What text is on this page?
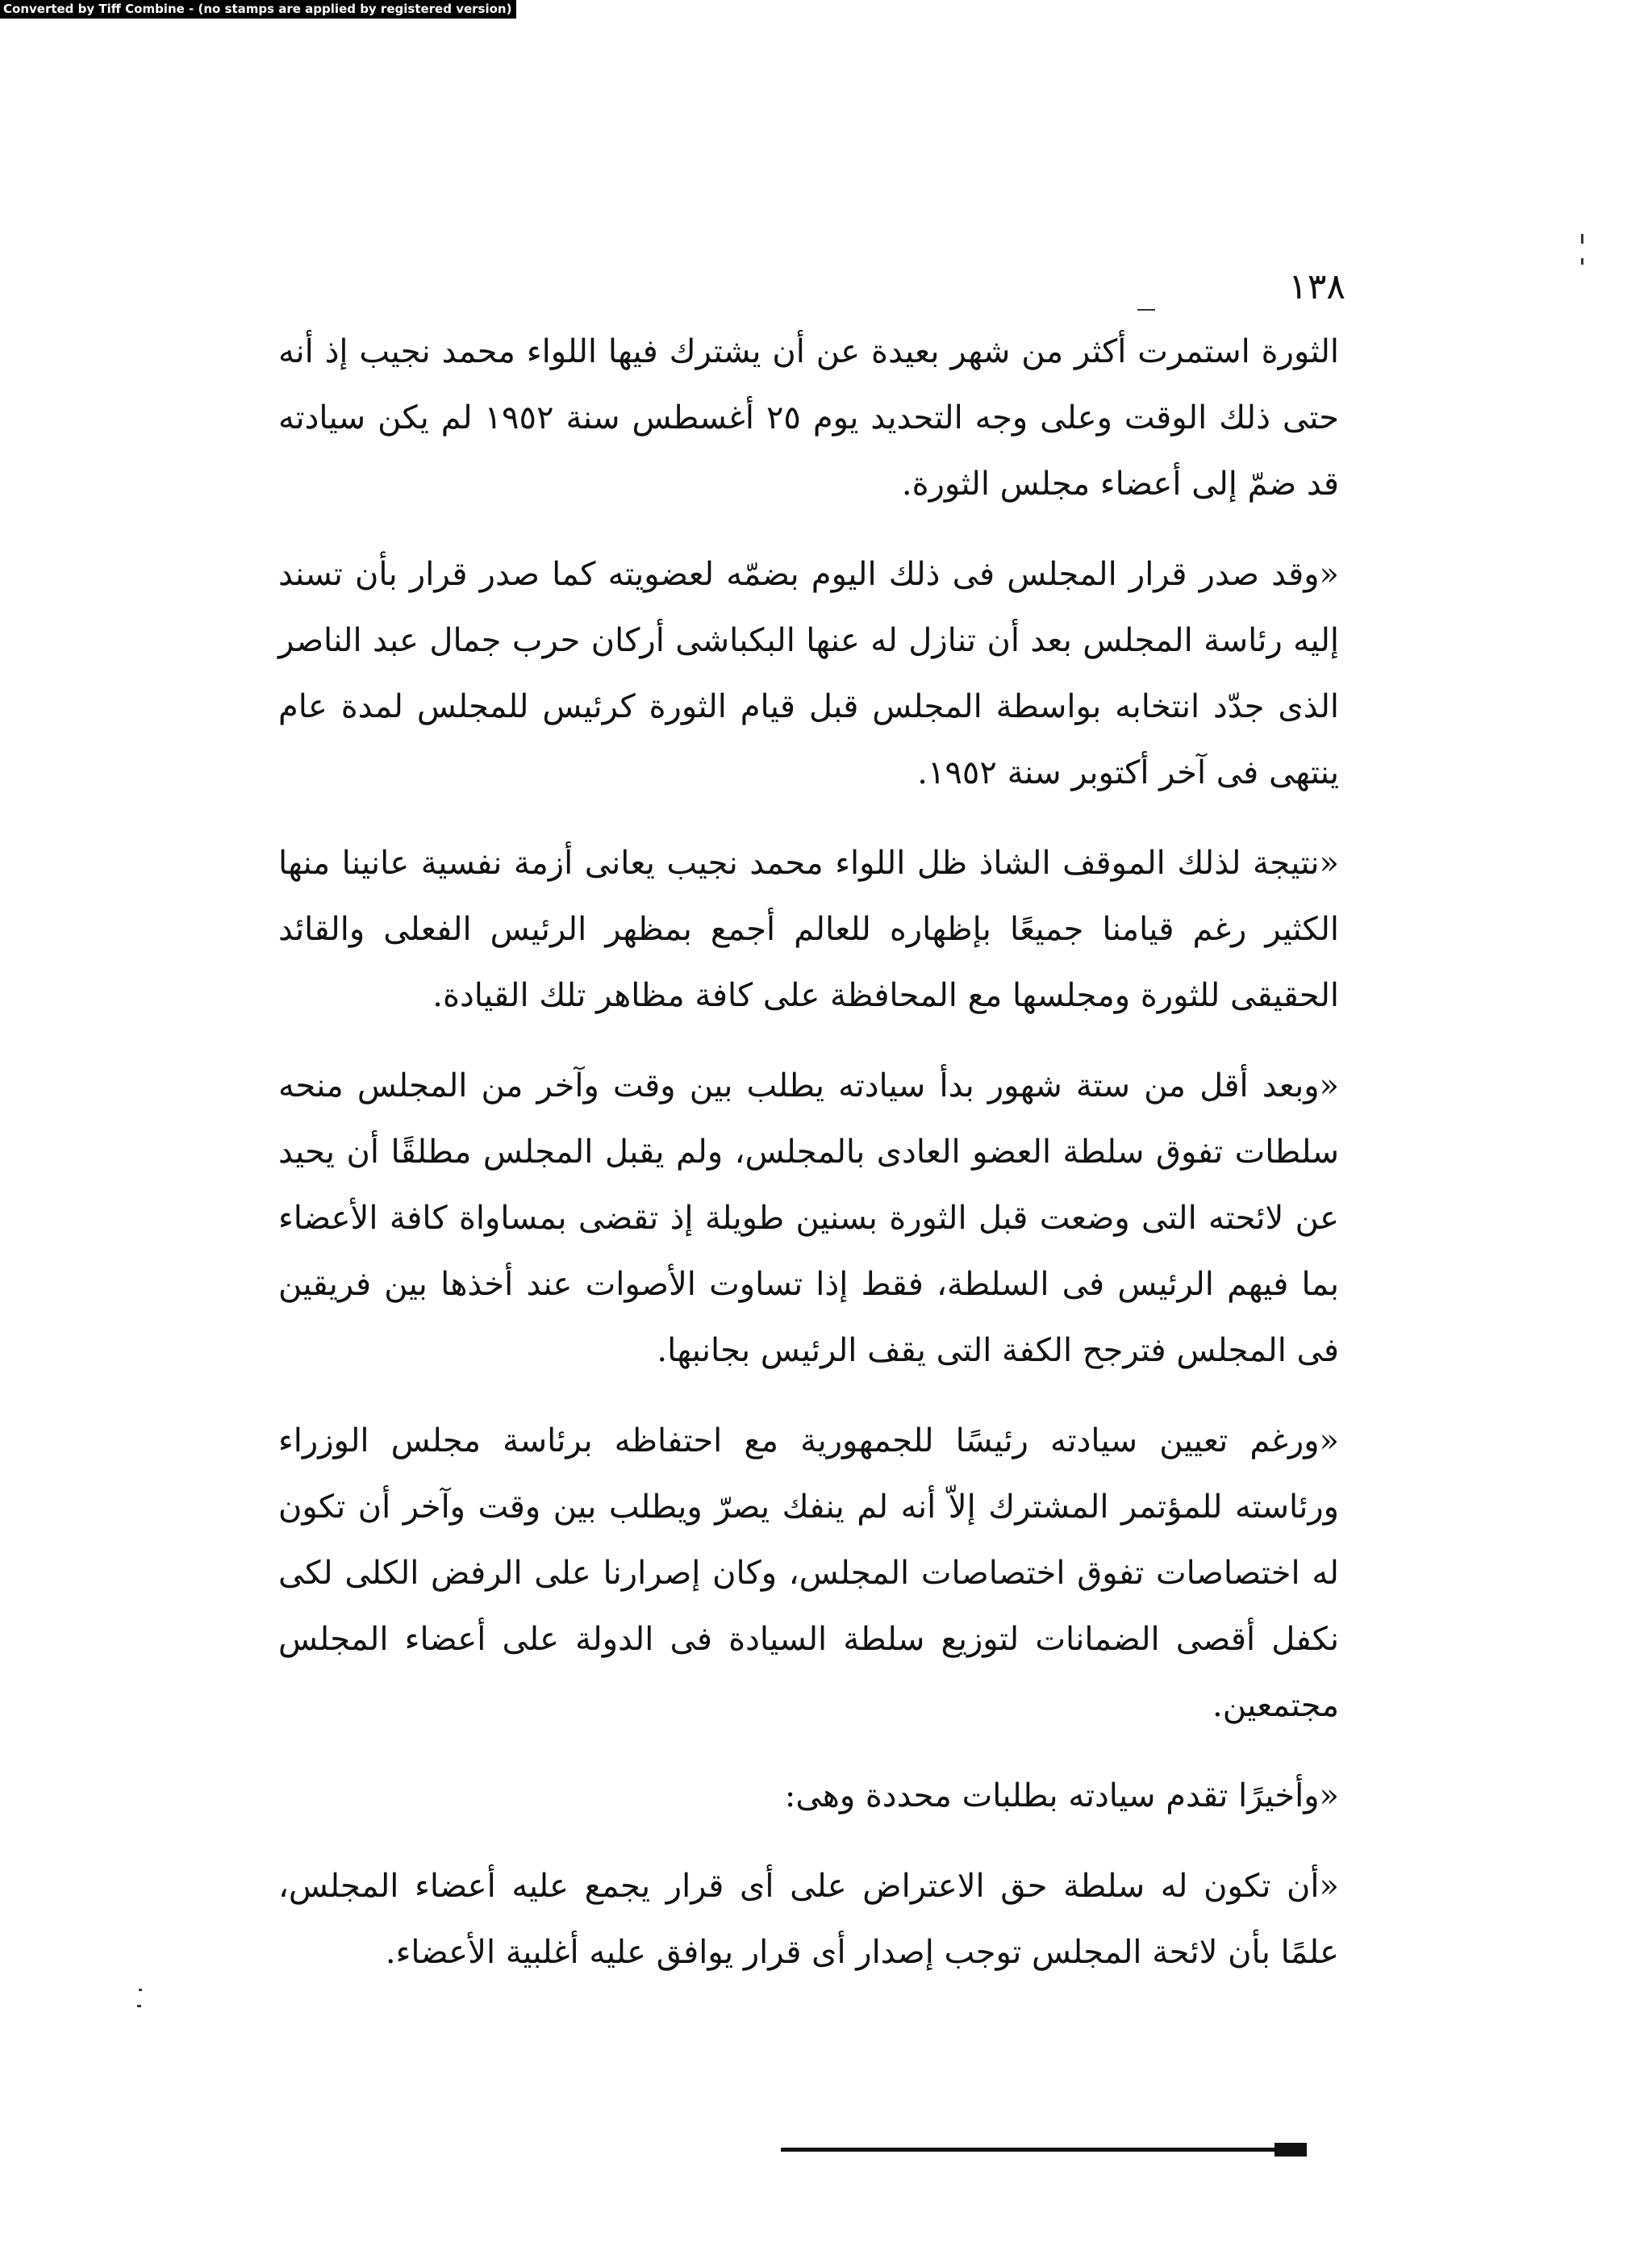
Converted by Tiff Combine - (no stamps are applied by registered version)
١٣٨

الثورة استمرت أكثر من شهر بعيدة عن أن يشترك فيها اللواء محمد نجيب إذ أنه حتى ذلك الوقت وعلى وجه التحديد يوم ٢٥ أغسطس سنة ١٩٥٢ لم يكن سيادته قد ضمّ إلى أعضاء مجلس الثورة.

«وقد صدر قرار المجلس فى ذلك اليوم بضمّه لعضويته كما صدر قرار بأن تسند إليه رئاسة المجلس بعد أن تنازل له عنها البكباشى أركان حرب جمال عبد الناصر الذى جدّد انتخابه بواسطة المجلس قبل قيام الثورة كرئيس للمجلس لمدة عام ينتهى فى آخر أكتوبر سنة ١٩٥٢.

«نتيجة لذلك الموقف الشاذ ظل اللواء محمد نجيب يعانى أزمة نفسية عانينا منها الكثير رغم قيامنا جميعًا بإظهاره للعالم أجمع بمظهر الرئيس الفعلى والقائد الحقيقى للثورة ومجلسها مع المحافظة على كافة مظاهر تلك القيادة.

«وبعد أقل من ستة شهور بدأ سيادته يطلب بين وقت وآخر من المجلس منحه سلطات تفوق سلطة العضو العادى بالمجلس، ولم يقبل المجلس مطلقًا أن يحيد عن لائحته التى وضعت قبل الثورة بسنين طويلة إذ تقضى بمساواة كافة الأعضاء بما فيهم الرئيس فى السلطة، فقط إذا تساوت الأصوات عند أخذها بين فريقين فى المجلس فترجح الكفة التى يقف الرئيس بجانبها.

«ورغم تعيين سيادته رئيسًا للجمهورية مع احتفاظه برئاسة مجلس الوزراء ورئاسته للمؤتمر المشترك إلاّ أنه لم ينفك يصرّ ويطلب بين وقت وآخر أن تكون له اختصاصات تفوق اختصاصات المجلس، وكان إصرارنا على الرفض الكلى لكى نكفل أقصى الضمانات لتوزيع سلطة السيادة فى الدولة على أعضاء المجلس مجتمعين.

«وأخيرًا تقدم سيادته بطلبات محددة وهى:

«أن تكون له سلطة حق الاعتراض على أى قرار يجمع عليه أعضاء المجلس، علمًا بأن لائحة المجلس توجب إصدار أى قرار يوافق عليه أغلبية الأعضاء.
